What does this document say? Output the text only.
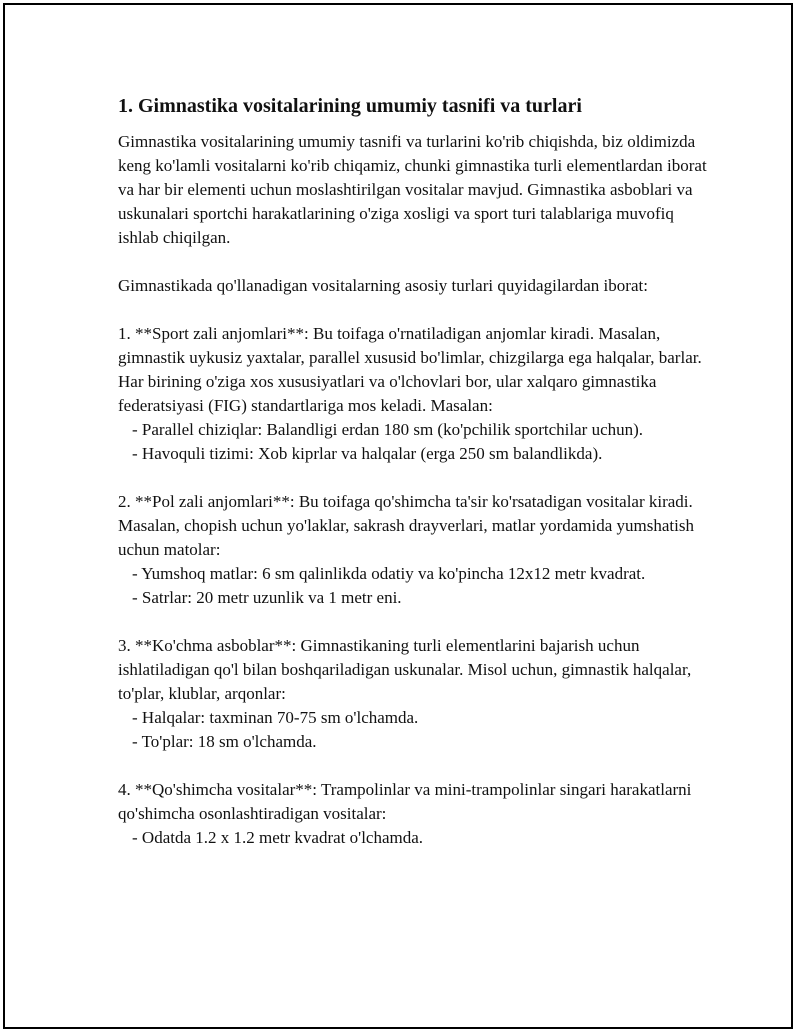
1. Gimnastika vositalarining umumiy tasnifi va turlari

Gimnastika vositalarining umumiy tasnifi va turlarini ko'rib chiqishda, biz oldimizda keng ko'lamli vositalarni ko'rib chiqamiz, chunki gimnastika turli elementlardan iborat va har bir elementi uchun moslashtirilgan vositalar mavjud. Gimnastika asboblari va uskunalari sportchi harakatlarining o'ziga xosligi va sport turi talablariga muvofiq ishlab chiqilgan.

Gimnastikada qo'llanadigan vositalarning asosiy turlari quyidagilardan iborat:

1. **Sport zali anjomlari**: Bu toifaga o'rnatiladigan anjomlar kiradi. Masalan, gimnastik uykusiz yaxtalar, parallel xususid bo'limlar, chizgilarga ega halqalar, barlar. Har birining o'ziga xos xususiyatlari va o'lchovlari bor, ular xalqaro gimnastika federatsiyasi (FIG) standartlariga mos keladi. Masalan:

- Parallel chiziqlar: Balandligi erdan 180 sm (ko'pchilik sportchilar uchun).
- Havoquli tizimi: Xob kiprlar va halqalar (erga 250 sm balandlikda).

2. **Pol zali anjomlari**: Bu toifaga qo'shimcha ta'sir ko'rsatadigan vositalar kiradi. Masalan, chopish uchun yo'laklar, sakrash drayverlari, matlar yordamida yumshatish uchun matolar:

- Yumshoq matlar: 6 sm qalinlikda odatiy va ko'pincha 12x12 metr kvadrat.
- Satrlar: 20 metr uzunlik va 1 metr eni.

3. **Ko'chma asboblar**: Gimnastikaning turli elementlarini bajarish uchun ishlatiladigan qo'l bilan boshqariladigan uskunalar. Misol uchun, gimnastik halqalar, to'plar, klublar, arqonlar:

- Halqalar: taxminan 70-75 sm o'lchamda.
- To'plar: 18 sm o'lchamda.

4. **Qo'shimcha vositalar**: Trampolinlar va mini-trampolinlar singari harakatlarni qo'shimcha osonlashtiradigan vositalar:

- Odatda 1.2 x 1.2 metr kvadrat o'lchamda.
